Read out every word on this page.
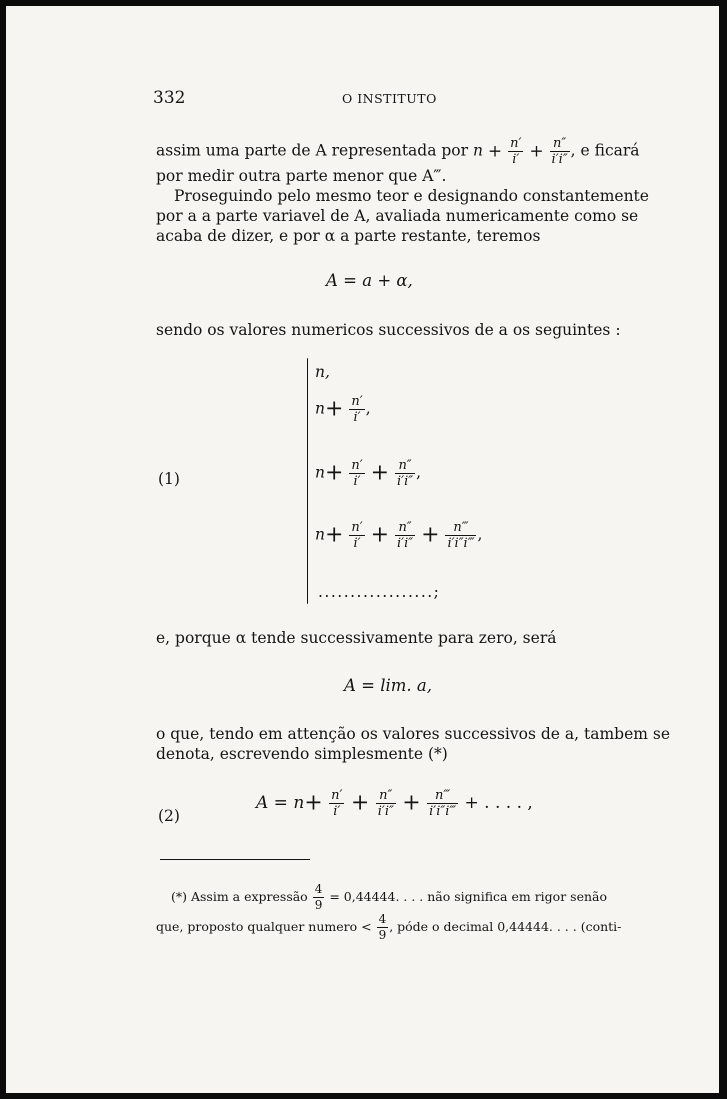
332	O INSTITUTO
assim uma parte de A representada por $n + \frac{n'}{i'} + \frac{n''}{i'i''}$ , e ficará
por medir outra parte menor que A‴.
Proseguindo pelo mesmo teor e designando constantemente
por a a parte variavel de A, avaliada numericamente como se
acaba de dizer, e por α a parte restante, teremos
A = a + α,
sendo os valores numericos successivos de a os seguintes :
(1)
n,
$n+ \frac{n'}{i'}$ ,
$n+ \frac{n'}{i'} + \frac{n''}{i'i''}$ ,
$n+ \frac{n'}{i'} + \frac{n''}{i'i''} + \frac{n‴}{i'i''i‴}$ ,
..................;
e, porque α tende successivamente para zero, será
A = lim. a,
o que, tendo em attenção os valores successivos de a, tambem se
denota, escrevendo simplesmente (*)
(2)
$A = n+ \frac{n'}{i'} + \frac{n''}{i'i''} + \frac{n‴}{i'i''i‴}$ + . . . . ,
(*) Assim a expressão $\frac{4}{9} = 0,44444$. . . . não significa em rigor senão
que, proposto qualquer numero < $\frac{4}{9}$ , póde o decimal 0,44444. . . . (conti-
